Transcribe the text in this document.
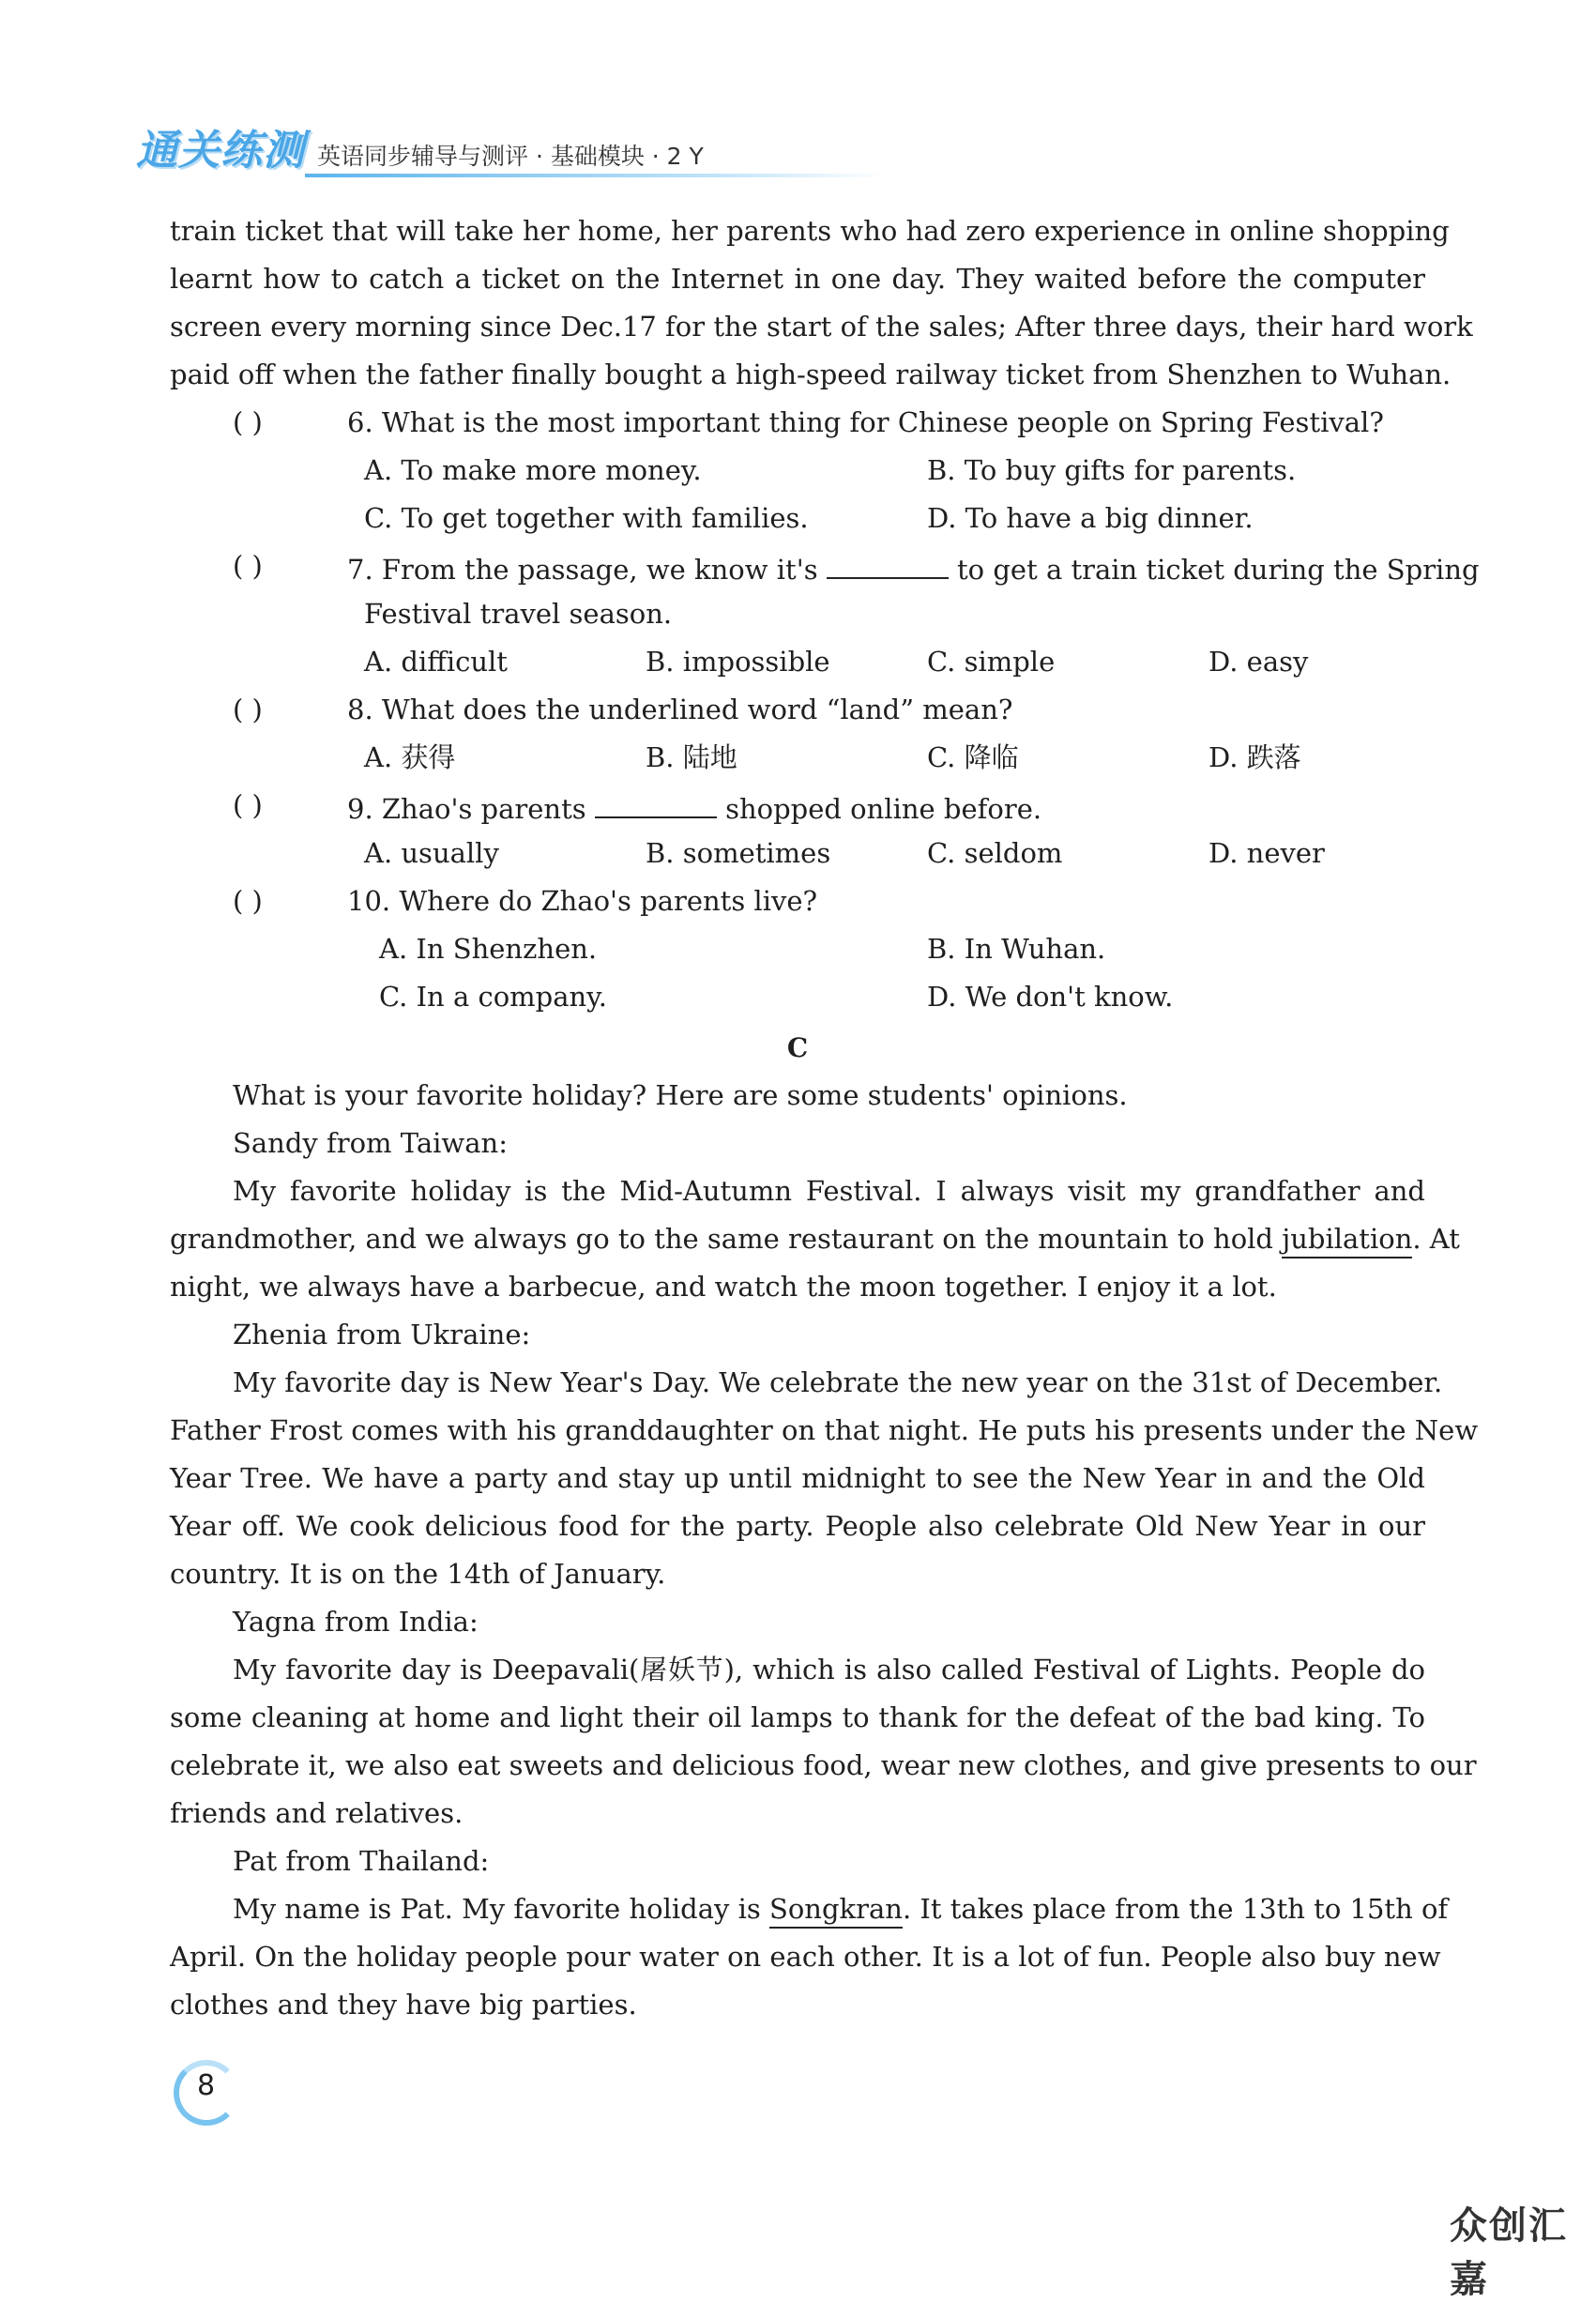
通关练测 英语同步辅导与测评 · 基础模块 · 2 Y
train ticket that will take her home, her parents who had zero experience in online shopping
learnt how to catch a ticket on the Internet in one day. They waited before the computer
screen every morning since Dec.17 for the start of the sales; After three days, their hard work
paid off when the father finally bought a high-speed railway ticket from Shenzhen to Wuhan.
( )	6. What is the most important thing for Chinese people on Spring Festival?
A. To make more money.	B. To buy gifts for parents.
C. To get together with families.	D. To have a big dinner.
( )	7. From the passage, we know it's	to get a train ticket during the Spring
Festival travel season.
A. difficult	B. impossible	C. simple	D. easy
( )	8. What does the underlined word “land” mean?
A. 获得	B. 陆地	C. 降临	D. 跌落
( )	9. Zhao's parents	shopped online before.
A. usually	B. sometimes	C. seldom	D. never
( )	10. Where do Zhao's parents live?
A. In Shenzhen.	B. In Wuhan.
C. In a company.	D. We don't know.
C
What is your favorite holiday? Here are some students' opinions.
Sandy from Taiwan:
My favorite holiday is the Mid-Autumn Festival. I always visit my grandfather and
grandmother, and we always go to the same restaurant on the mountain to hold jubilation. At
night, we always have a barbecue, and watch the moon together. I enjoy it a lot.
Zhenia from Ukraine:
My favorite day is New Year's Day. We celebrate the new year on the 31st of December.
Father Frost comes with his granddaughter on that night. He puts his presents under the New
Year Tree. We have a party and stay up until midnight to see the New Year in and the Old
Year off. We cook delicious food for the party. People also celebrate Old New Year in our
country. It is on the 14th of January.
Yagna from India:
My favorite day is Deepavali(屠妖节), which is also called Festival of Lights. People do
some cleaning at home and light their oil lamps to thank for the defeat of the bad king. To
celebrate it, we also eat sweets and delicious food, wear new clothes, and give presents to our
friends and relatives.
Pat from Thailand:
My name is Pat. My favorite holiday is Songkran. It takes place from the 13th to 15th of
April. On the holiday people pour water on each other. It is a lot of fun. People also buy new
clothes and they have big parties.
8
众创汇嘉
